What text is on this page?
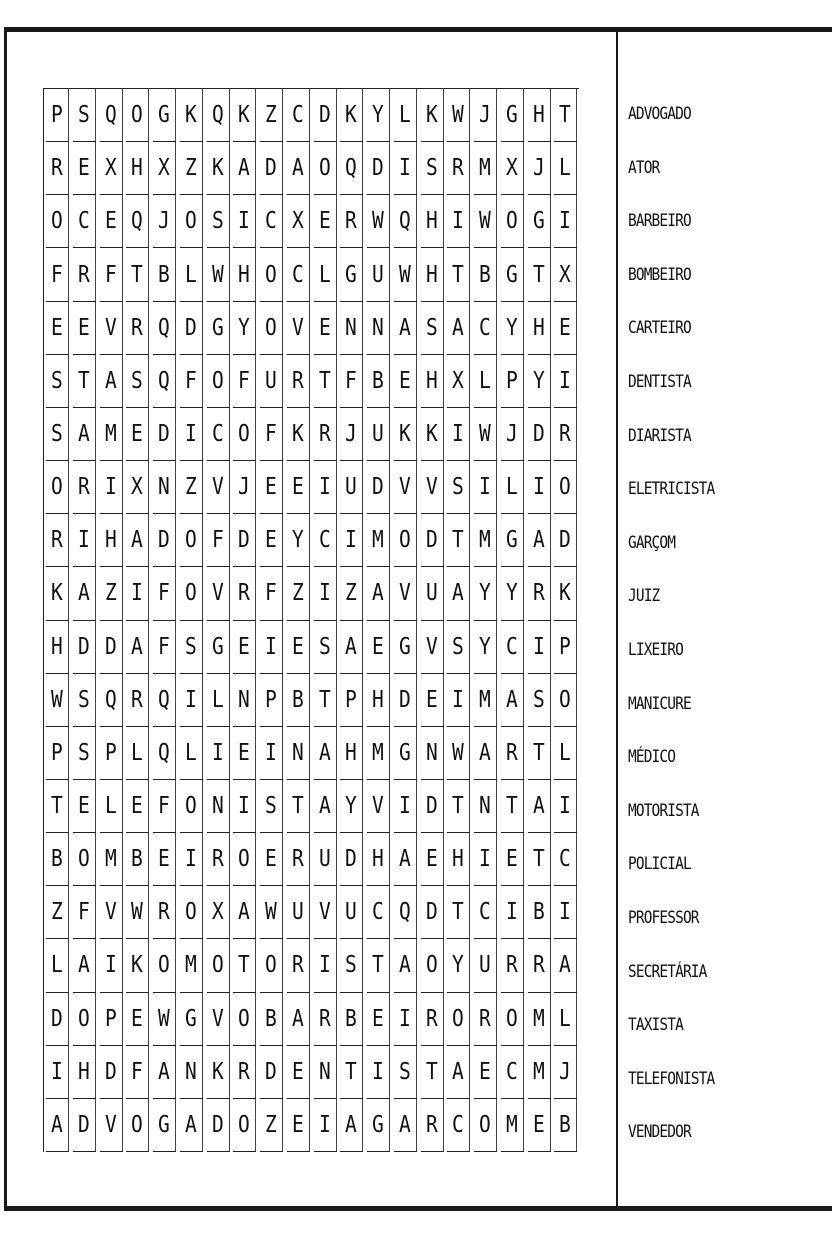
P S Q O G K Q K Z C D K Y L K W J G H T
R E X H X Z K A D A O Q D I S R M X J L
O C E Q J O S I C X E R W Q H I W O G I
F R F T B L W H O C L G U W H T B G T X
E E V R Q D G Y O V E N N A S A C Y H E
S T A S Q F O F U R T F B E H X L P Y I
S A M E D I C O F K R J U K K I W J D R
O R I X N Z V J E E I U D V V S I L I O
R I H A D O F D E Y C I M O D T M G A D
K A Z I F O V R F Z I Z A V U A Y Y R K
H D D A F S G E I E S A E G V S Y C I P
W S Q R Q I L N P B T P H D E I M A S O
P S P L Q L I E I N A H M G N W A R T L
T E L E F O N I S T A Y V I D T N T A I
B O M B E I R O E R U D H A E H I E T C
Z F V W R O X A W U V U C Q D T C I B I
L A I K O M O T O R I S T A O Y U R R A
D O P E W G V O B A R B E I R O R O M L
I H D F A N K R D E N T I S T A E C M J
A D V O G A D O Z E I A G A R C O M E B
ADVOGADO
ATOR
BARBEIRO
BOMBEIRO
CARTEIRO
DENTISTA
DIARISTA
ELETRICISTA
GARÇOM
JUIZ
LIXEIRO
MANICURE
MÉDICO
MOTORISTA
POLICIAL
PROFESSOR
SECRETÁRIA
TAXISTA
TELEFONISTA
VENDEDOR
